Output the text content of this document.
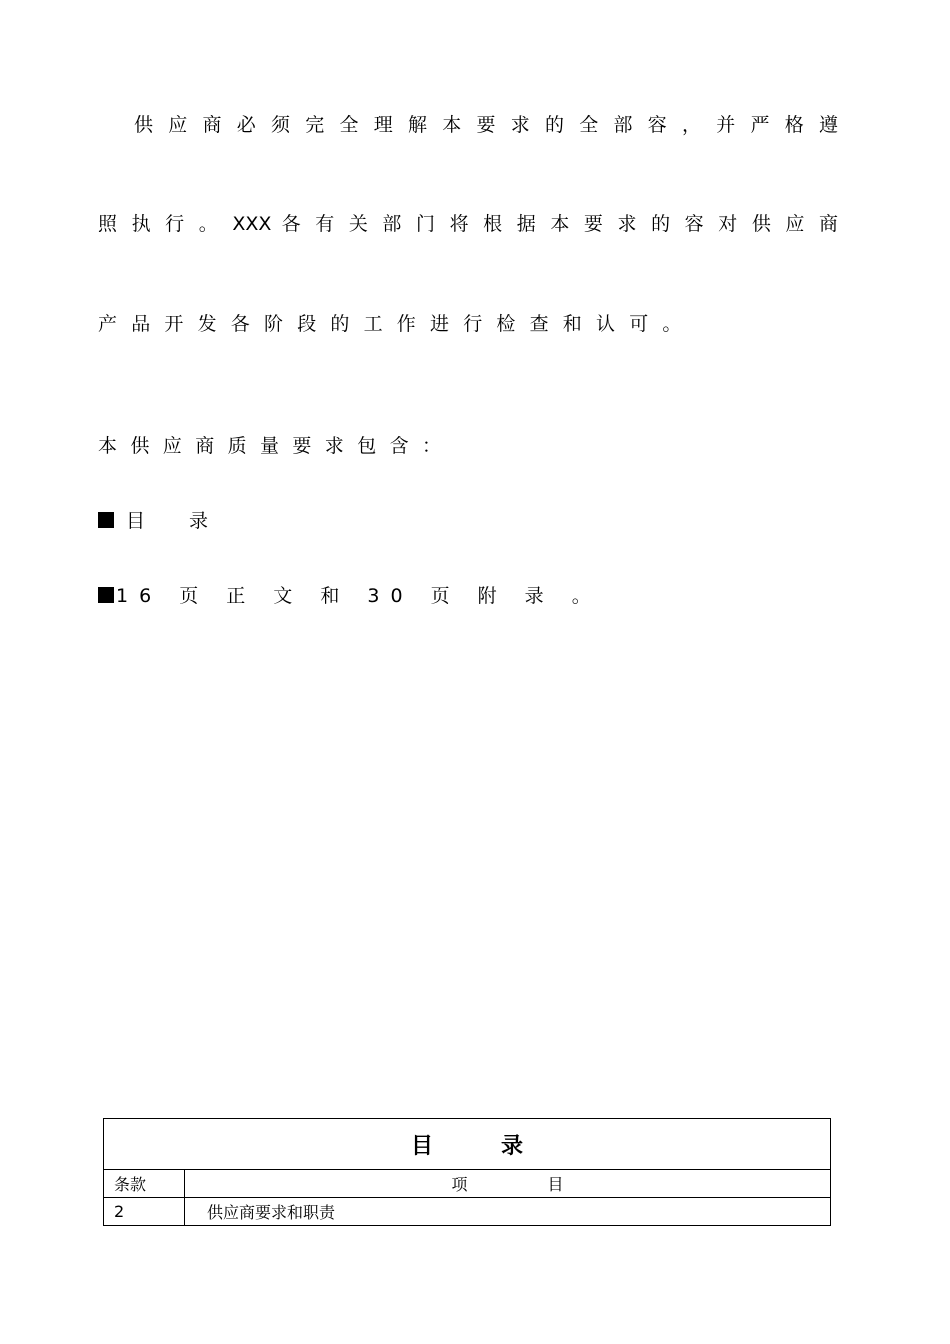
供 应 商 必 须 完 全 理 解 本 要 求 的 全 部 容 ， 并 严 格 遵
照 执 行 。 XXX 各 有 关 部 门 将 根 据 本 要 求 的 容 对 供 应 商
产品开发各阶段的工作进行检查和认可。
本供应商质量要求包含：
目 录
16 页 正 文 和 30 页 附 录 。
目 录	
条款	项 目
2	供应商要求和职责
